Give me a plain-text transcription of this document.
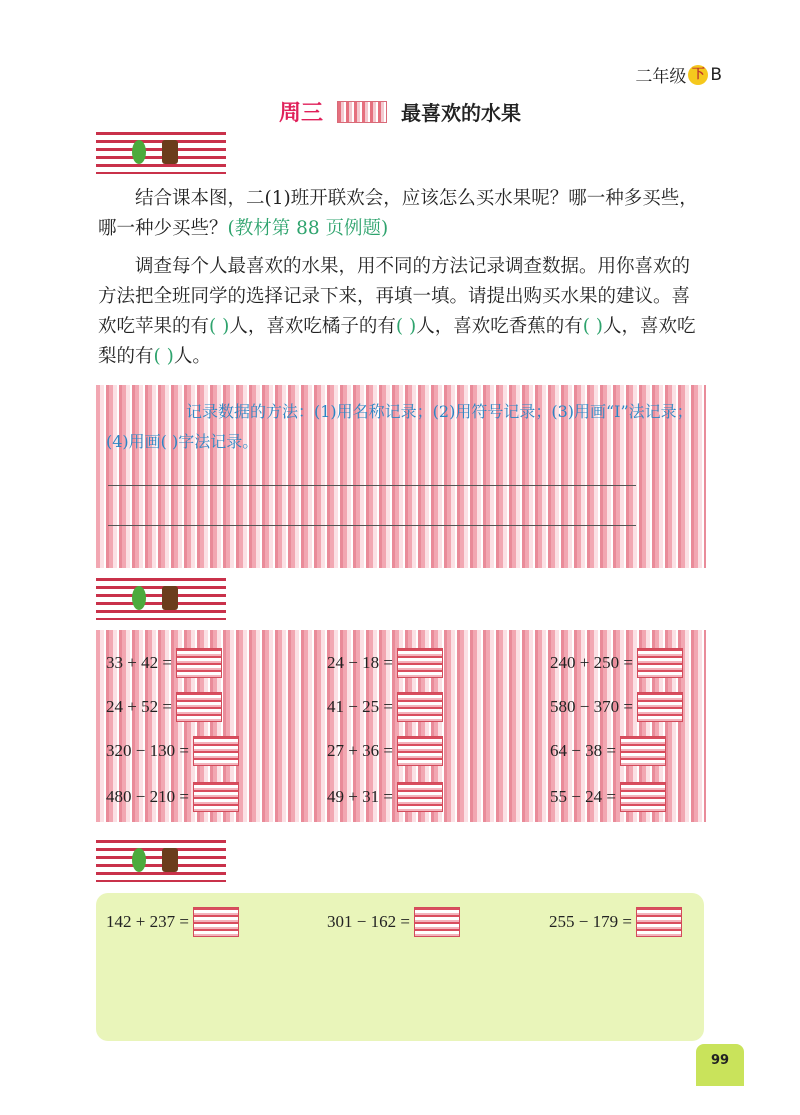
二年级 下 B
周三	最喜欢的水果

结合课本图，二(1)班开联欢会，应该怎么买水果呢？哪一种多买些，哪一种少买些？(教材第 88 页例题)

调查每个人最喜欢的水果，用不同的方法记录调查数据。用你喜欢的方法把全班同学的选择记录下来，再填一填。请提出购买水果的建议。喜欢吃苹果的有( )人，喜欢吃橘子的有( )人，喜欢吃香蕉的有( )人，喜欢吃梨的有( )人。

记录数据的方法：(1)用名称记录；(2)用符号记录；(3)用画“Ⅰ”法记录；(4)用画( )字法记录。
33 + 42 =	24 − 18 =	240 + 250 =
24 + 52 =	41 − 25 =	580 − 370 =
320 − 130 =	27 + 36 =	64 − 38 =
480 − 210 =	49 + 31 =	55 − 24 =
142 + 237 =	301 − 162 =	255 − 179 =
99
